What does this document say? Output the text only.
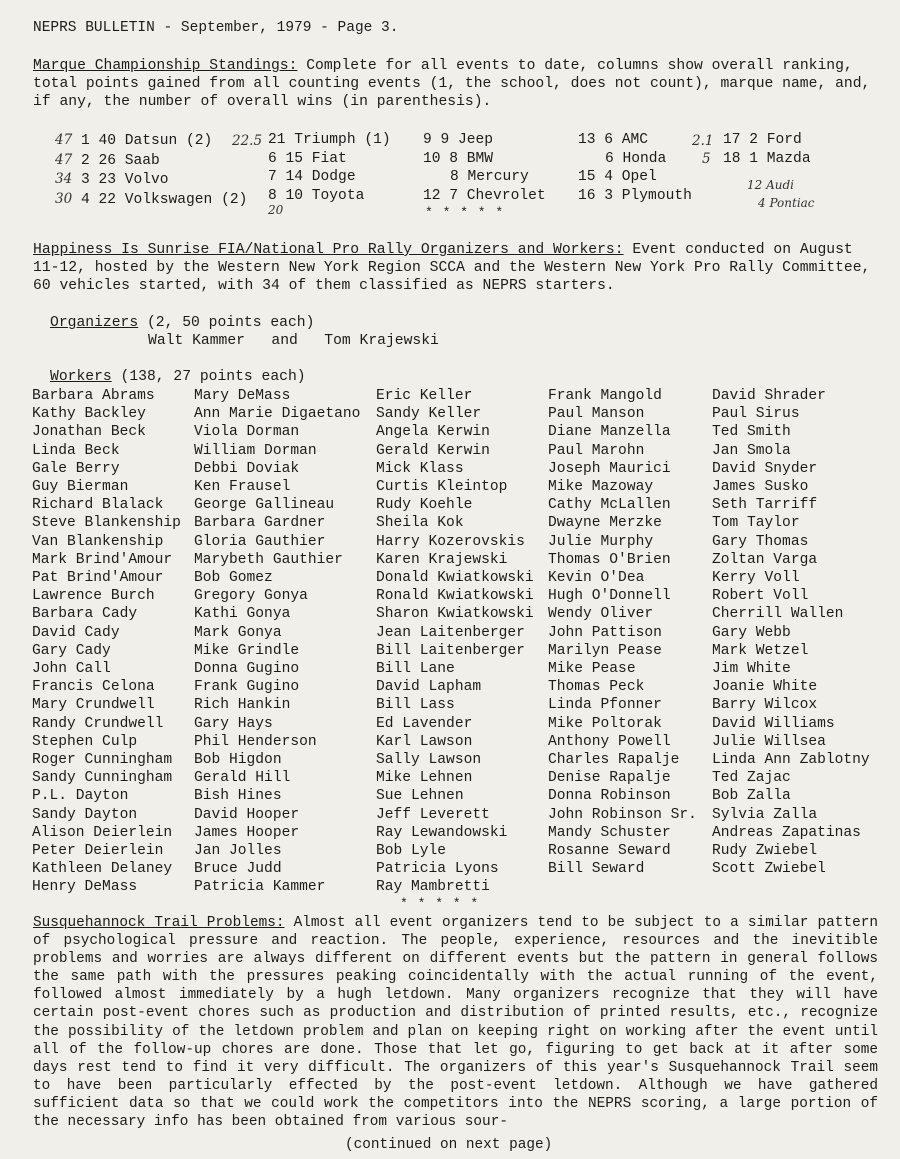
NEPRS BULLETIN - September, 1979 - Page 3.
Marque Championship Standings: Complete for all events to date, columns show overall ranking, total points gained from all counting events (1, the school, does not count), marque name, and, if any, the number of overall wins (in parenthesis).
47 1 40 Datsun (2)
47 2 26 Saab
34 3 23 Volvo
30 4 22 Volkswagen (2)
22.5 21 Triumph (1)
6 15 Fiat
7 14 Dodge
8 10 Toyota
20
9 9 Jeep
10 8 BMW
8 Mercury
12 7 Chevrolet
13 6 AMC
6 Honda
15 4 Opel
16 3 Plymouth
2.1
5
17 2 Ford
18 1 Mazda
12 Audi
4 Pontiac
* * * * *
Happiness Is Sunrise FIA/National Pro Rally Organizers and Workers: Event conducted on August 11-12, hosted by the Western New York Region SCCA and the Western New York Pro Rally Committee, 60 vehicles started, with 34 of them classified as NEPRS starters.
Organizers (2, 50 points each)
Walt Kammer   and   Tom Krajewski
Workers (138, 27 points each)
Barbara Abrams
Kathy Backley
Jonathan Beck
Linda Beck
Gale Berry
Guy Bierman
Richard Blalack
Steve Blankenship
Van Blankenship
Mark Brind'Amour
Pat Brind'Amour
Lawrence Burch
Barbara Cady
David Cady
Gary Cady
John Call
Francis Celona
Mary Crundwell
Randy Crundwell
Stephen Culp
Roger Cunningham
Sandy Cunningham
P.L. Dayton
Sandy Dayton
Alison Deierlein
Peter Deierlein
Kathleen Delaney
Henry DeMass
Mary DeMass
Ann Marie Digaetano
Viola Dorman
William Dorman
Debbi Doviak
Ken Frausel
George Gallineau
Barbara Gardner
Gloria Gauthier
Marybeth Gauthier
Bob Gomez
Gregory Gonya
Kathi Gonya
Mark Gonya
Mike Grindle
Donna Gugino
Frank Gugino
Rich Hankin
Gary Hays
Phil Henderson
Bob Higdon
Gerald Hill
Bish Hines
David Hooper
James Hooper
Jan Jolles
Bruce Judd
Patricia Kammer
Eric Keller
Sandy Keller
Angela Kerwin
Gerald Kerwin
Mick Klass
Curtis Kleintop
Rudy Koehle
Sheila Kok
Harry Kozerovskis
Karen Krajewski
Donald Kwiatkowski
Ronald Kwiatkowski
Sharon Kwiatkowski
Jean Laitenberger
Bill Laitenberger
Bill Lane
David Lapham
Bill Lass
Ed Lavender
Karl Lawson
Sally Lawson
Mike Lehnen
Sue Lehnen
Jeff Leverett
Ray Lewandowski
Bob Lyle
Patricia Lyons
Ray Mambretti
Frank Mangold
Paul Manson
Diane Manzella
Paul Marohn
Joseph Maurici
Mike Mazoway
Cathy McLallen
Dwayne Merzke
Julie Murphy
Thomas O'Brien
Kevin O'Dea
Hugh O'Donnell
Wendy Oliver
John Pattison
Marilyn Pease
Mike Pease
Thomas Peck
Linda Pfonner
Mike Poltorak
Anthony Powell
Charles Rapalje
Denise Rapalje
Donna Robinson
John Robinson Sr.
Mandy Schuster
Rosanne Seward
Bill Seward
David Shrader
Paul Sirus
Ted Smith
Jan Smola
David Snyder
James Susko
Seth Tarriff
Tom Taylor
Gary Thomas
Zoltan Varga
Kerry Voll
Robert Voll
Cherrill Wallen
Gary Webb
Mark Wetzel
Jim White
Joanie White
Barry Wilcox
David Williams
Julie Willsea
Linda Ann Zablotny
Ted Zajac
Bob Zalla
Sylvia Zalla
Andreas Zapatinas
Rudy Zwiebel
Scott Zwiebel
* * * * *
Susquehannock Trail Problems: Almost all event organizers tend to be subject to a similar pattern of psychological pressure and reaction. The people, experience, resources and the inevitible problems and worries are always different on different events but the pattern in general follows the same path with the pressures peaking coincidentally with the actual running of the event, followed almost immediately by a hugh letdown. Many organizers recognize that they will have certain post-event chores such as production and distribution of printed results, etc., recognize the possibility of the letdown problem and plan on keeping right on working after the event until all of the follow-up chores are done. Those that let go, figuring to get back at it after some days rest tend to find it very difficult. The organizers of this year's Susquehannock Trail seem to have been particularly effected by the post-event letdown. Although we have gathered sufficient data so that we could work the competitors into the NEPRS scoring, a large portion of the necessary info has been obtained from various sour-
(continued on next page)
